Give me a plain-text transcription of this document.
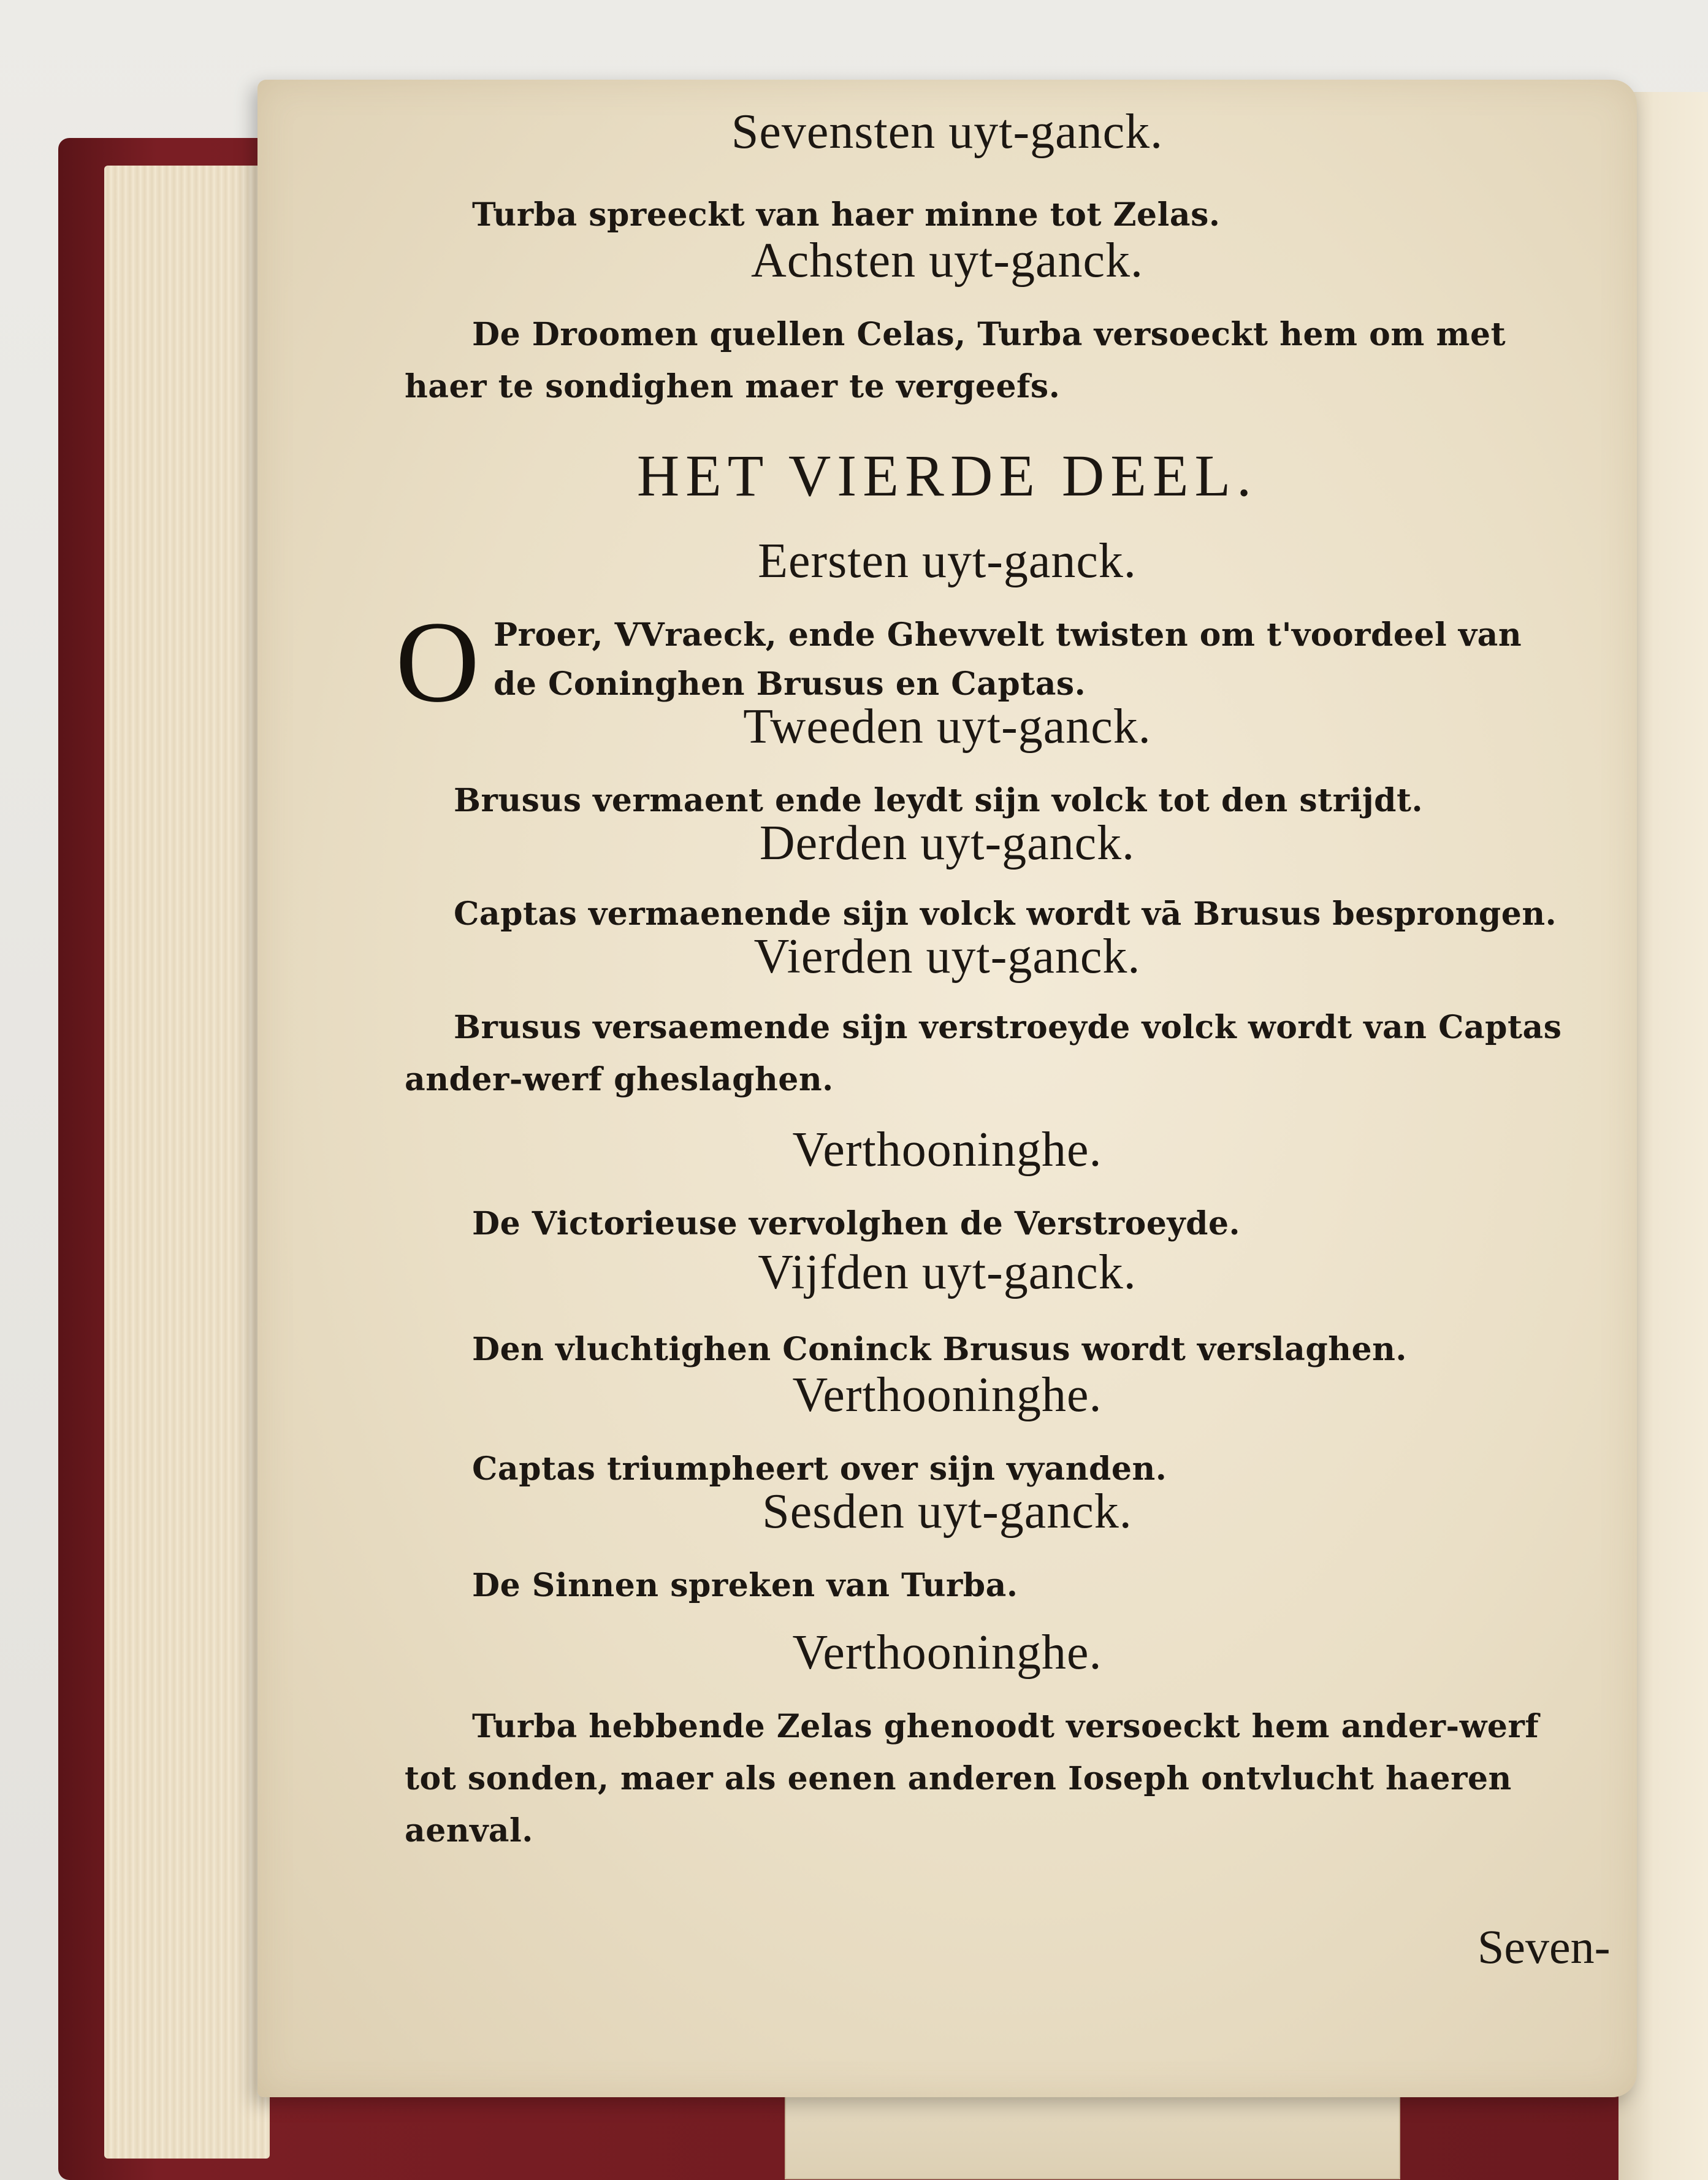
Sevensten uyt-ganck.
Turba spreeckt van haer minne tot Zelas.
Achsten uyt-ganck.
De Droomen quellen Celas, Turba versoeckt hem om met
haer te sondighen maer te vergeefs.
HET VIERDE DEEL.
Eersten uyt-ganck.
O Proer, VVraeck, ende Ghevvelt twisten om t'voordeel van
de Coninghen Brusus en Captas.
Tweeden uyt-ganck.
Brusus vermaent ende leydt sijn volck tot den strijdt.
Derden uyt-ganck.
Captas vermaenende sijn volck wordt vā Brusus besprongen.
Vierden uyt-ganck.
Brusus versaemende sijn verstroeyde volck wordt van Captas
ander-werf gheslaghen.
Verthooninghe.
De Victorieuse vervolghen de Verstroeyde.
Vijfden uyt-ganck.
Den vluchtighen Coninck Brusus wordt verslaghen.
Verthooninghe.
Captas triumpheert over sijn vyanden.
Sesden uyt-ganck.
De Sinnen spreken van Turba.
Verthooninghe.
Turba hebbende Zelas ghenoodt versoeckt hem ander-werf
tot sonden, maer als eenen anderen Ioseph ontvlucht haeren
aenval.
Seven-
